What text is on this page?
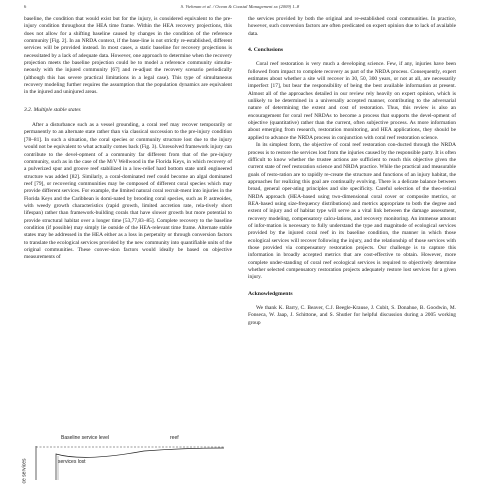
6	S. Viehman et al. / Ocean & Coastal Management xx (2009) 1–8

baseline, the condition that would exist but for the injury, is considered equivalent to the pre-injury condition throughout the HEA time frame. Within the HEA recovery projections, this does not allow for a shifting baseline caused by changes in the condition of the reference community [Fig. 2]. In an NRDA context, if the base-line is not strictly re-established, different services will be provided instead. In most cases, a static baseline for recovery projections is necessitated by a lack of adequate data. However, one approach to determine when the recovery projection meets the baseline projection could be to model a reference community simulta-neously with the injured community [67] and re-adjust the recovery scenario periodically (although this has severe practical limitations in a legal case). This type of simultaneous recovery modeling further requires the assumption that the population dynamics are equivalent in the injured and uninjured areas.

3.2. Multiple stable states

After a disturbance such as a vessel grounding, a coral reef may recover temporarily or permanently to an alternate state rather than via classical succession to the pre-injury condition [78–81]. In such a situation, the coral species or community structure lost due to the injury would not be equivalent to what actually comes back (Fig. 3). Unresolved framework injury can contribute to the devel-opment of a community far different from that of the pre-injury community, such as in the case of the M/V Wellwood in the Florida Keys, in which recovery of a pulverized spur and groove reef stabilized in a low-relief hard bottom state until engineered structure was added [82]. Similarly, a coral-dominated reef could become an algal dominated reef [79], or recovering communities may be composed of different coral species which may provide different services. For example, the limited natural coral recruit-ment into injuries in the Florida Keys and the Caribbean is domi-nated by brooding coral species, such as P. astreoides, with weedy growth characteristics (rapid growth, limited accretion rate, rela-tively short lifespan) rather than framework-building corals that have slower growth but more potential to provide structural habitat over a longer time [53,77,83–85]. Complete recovery to the baseline condition (if possible) may simply lie outside of the HEA-relevant time frame. Alternate stable states may be addressed in the HEA either as a loss in perpetuity or through conversion factors to translate the ecological services provided by the new community into quantifiable units of the original communities. These conver-sion factors would ideally be based on objective measurements of

the services provided by both the original and re-established coral communities. In practice, however, such conversion factors are often predicated on expert opinion due to lack of available data.

4. Conclusions

Coral reef restoration is very much a developing science. Few, if any, injuries have been followed from impact to complete recovery as part of the NRDA process. Consequently, expert estimates about whether a site will recover in 30, 50, 300 years, or not at all, are necessarily imperfect [17], but bear the responsibility of being the best available information at present. Almost all of the approaches detailed in our review rely heavily on expert opinion, which is unlikely to be determined in a universally accepted manner, contributing to the adversarial nature of determining the extent and cost of restoration. Thus, this review is also an encouragement for coral reef NRDAs to become a process that supports the devel-opment of objective (quantitative) rather than the current, often subjective process. As more information about emerging from research, restoration monitoring, and HEA applications, they should be applied to advance the NRDA process in conjunction with coral reef restoration science.

In its simplest form, the objective of coral reef restoration con-ducted through the NRDA process is to restore the services lost from the injuries caused by the responsible party. It is often difficult to know whether the trustee actions are sufficient to reach this objective given the current state of reef restoration science and NRDA practice. While the practical and measurable goals of resto-ration are to rapidly re-create the structure and functions of an injury habitat, the approaches for realizing this goal are continually evolving. There is a delicate balance between broad, general oper-ating principles and site specificity. Careful selection of the theo-retical NRDA approach (HEA-based using two-dimensional coral cover or composite metrics, or REA-based using size-frequency distributions) and metrics appropriate to both the degree and extent of injury and of habitat type will serve as a vital link between the damage assessment, recovery modeling, compensatory calcu-lations, and recovery monitoring. An immense amount of infor-mation is necessary to fully understand the type and magnitude of ecological services provided by the injured coral reef in its baseline condition, the manner in which those ecological services will recover following the injury, and the relationship of those services with those provided via compensatory restoration projects. Our challenge is to capture this information in broadly accepted metrics that are cost-effective to obtain. However, more complete under-standing of coral reef ecological services is required to objectively determine whether selected compensatory restoration projects adequately restore lost services for a given injury.

Acknowledgments

We thank K. Barry, C. Beaver, C.J. Beegle-Krause, J. Cubit, S. Donahue, B. Goodwin, M. Fonseca, W. Jaap, J. Schittone, and S. Shutler for helpful discussion during a 2005 working group

Baseline service level	reef
services lost
ce services
